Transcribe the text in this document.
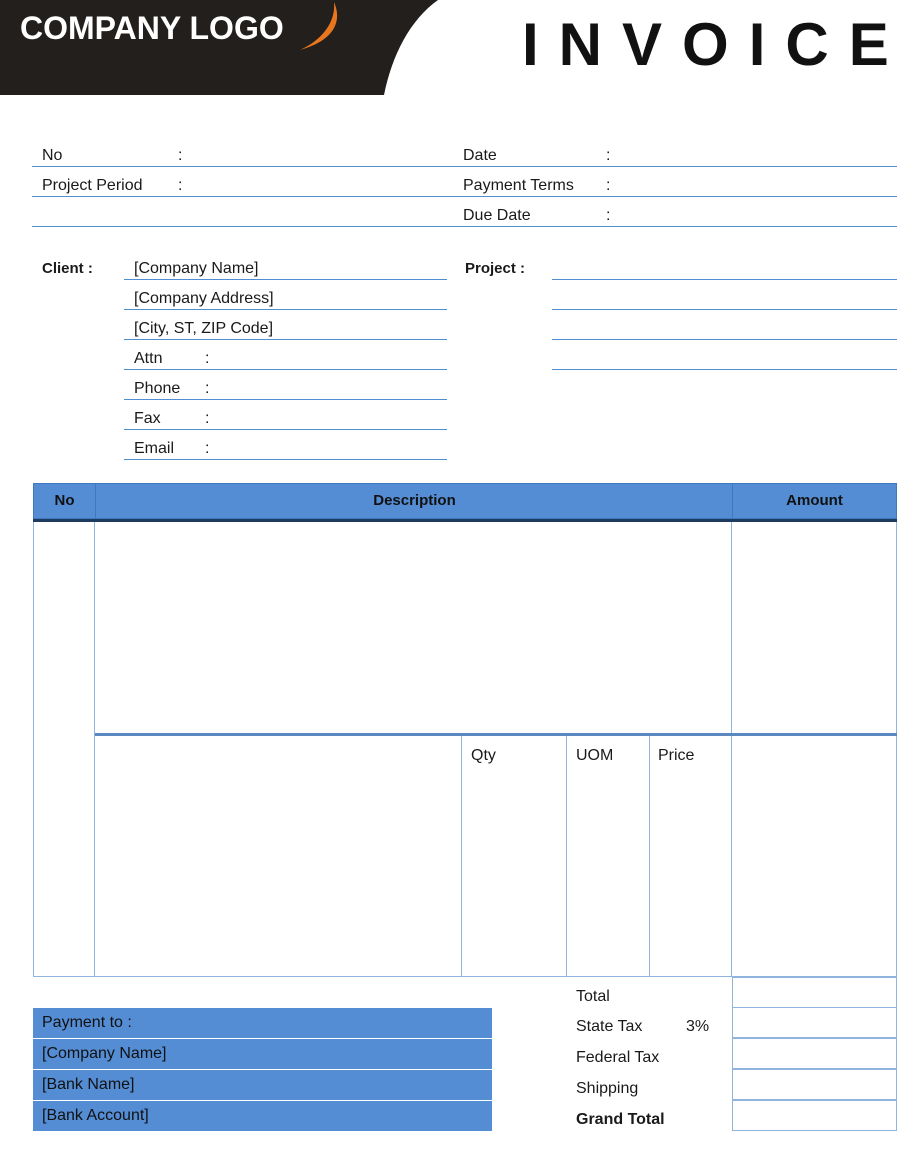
COMPANY LOGO	INVOICE
No	:	Date	:
Project Period :	Payment Terms :
Due Date	:
Client :	[Company Name]
[Company Address]
[City, ST, ZIP Code]
Attn	:
Phone :
Fax	:
Email :
Project :
No	Description	Amount
Qty	UOM	Price
Total
State Tax	3%
Federal Tax
Shipping
Grand Total
Payment to :
[Company Name]
[Bank Name]
[Bank Account]
